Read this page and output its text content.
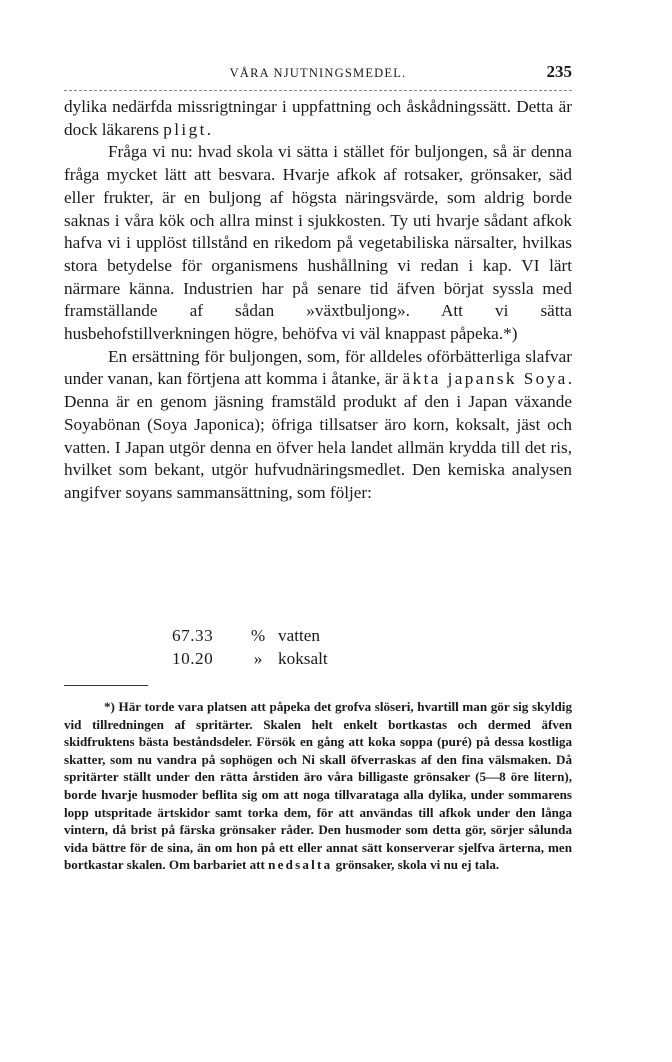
VÅRA NJUTNINGSMEDEL.	235

dylika nedärfda missrigtningar i uppfattning och åskådningssätt. Detta är dock läkarens pligt.

Fråga vi nu: hvad skola vi sätta i stället för buljongen, så är denna fråga mycket lätt att besvara. Hvarje afkok af rotsaker, grönsaker, säd eller frukter, är en buljong af högsta näringsvärde, som aldrig borde saknas i våra kök och allra minst i sjukkosten. Ty uti hvarje sådant afkok hafva vi i upplöst tillstånd en rikedom på vegetabiliska närsalter, hvilkas stora betydelse för organismens hushållning vi redan i kap. VI lärt närmare känna. Industrien har på senare tid äfven börjat syssla med framställande af sådan »växtbuljong». Att vi sätta husbehofstillverkningen högre, behöfva vi väl knappast påpeka.*)

En ersättning för buljongen, som, för alldeles oförbätterliga slafvar under vanan, kan förtjena att komma i åtanke, är äkta japansk Soya. Denna är en genom jäsning framstäld produkt af den i Japan växande Soyabönan (Soya Japonica); öfriga tillsatser äro korn, koksalt, jäst och vatten. I Japan utgör denna en öfver hela landet allmän krydda till det ris, hvilket som bekant, utgör hufvudnäringsmedlet. Den kemiska analysen angifver soyans sammansättning, som följer:

67.33	% vatten
10.20	» koksalt

*) Här torde vara platsen att påpeka det grofva slöseri, hvartill man gör sig skyldig vid tillredningen af spritärter. Skalen helt enkelt bortkastas och dermed äfven skidfruktens bästa beståndsdeler. Försök en gång att koka soppa (puré) på dessa kostliga skatter, som nu vandra på sophögen och Ni skall öfverraskas af den fina välsmaken. Då spritärter ställt under den rätta årstiden äro våra billigaste grönsaker (5—8 öre litern), borde hvarje husmoder beflita sig om att noga tillvarataga alla dylika, under sommarens lopp utspritade ärtskidor samt torka dem, för att användas till afkok under den långa vintern, då brist på färska grönsaker råder. Den husmoder som detta gör, sörjer sålunda vida bättre för de sina, än om hon på ett eller annat sätt konserverar sjelfva ärterna, men bortkastar skalen. Om barbariet att nedsalta grönsaker, skola vi nu ej tala.
